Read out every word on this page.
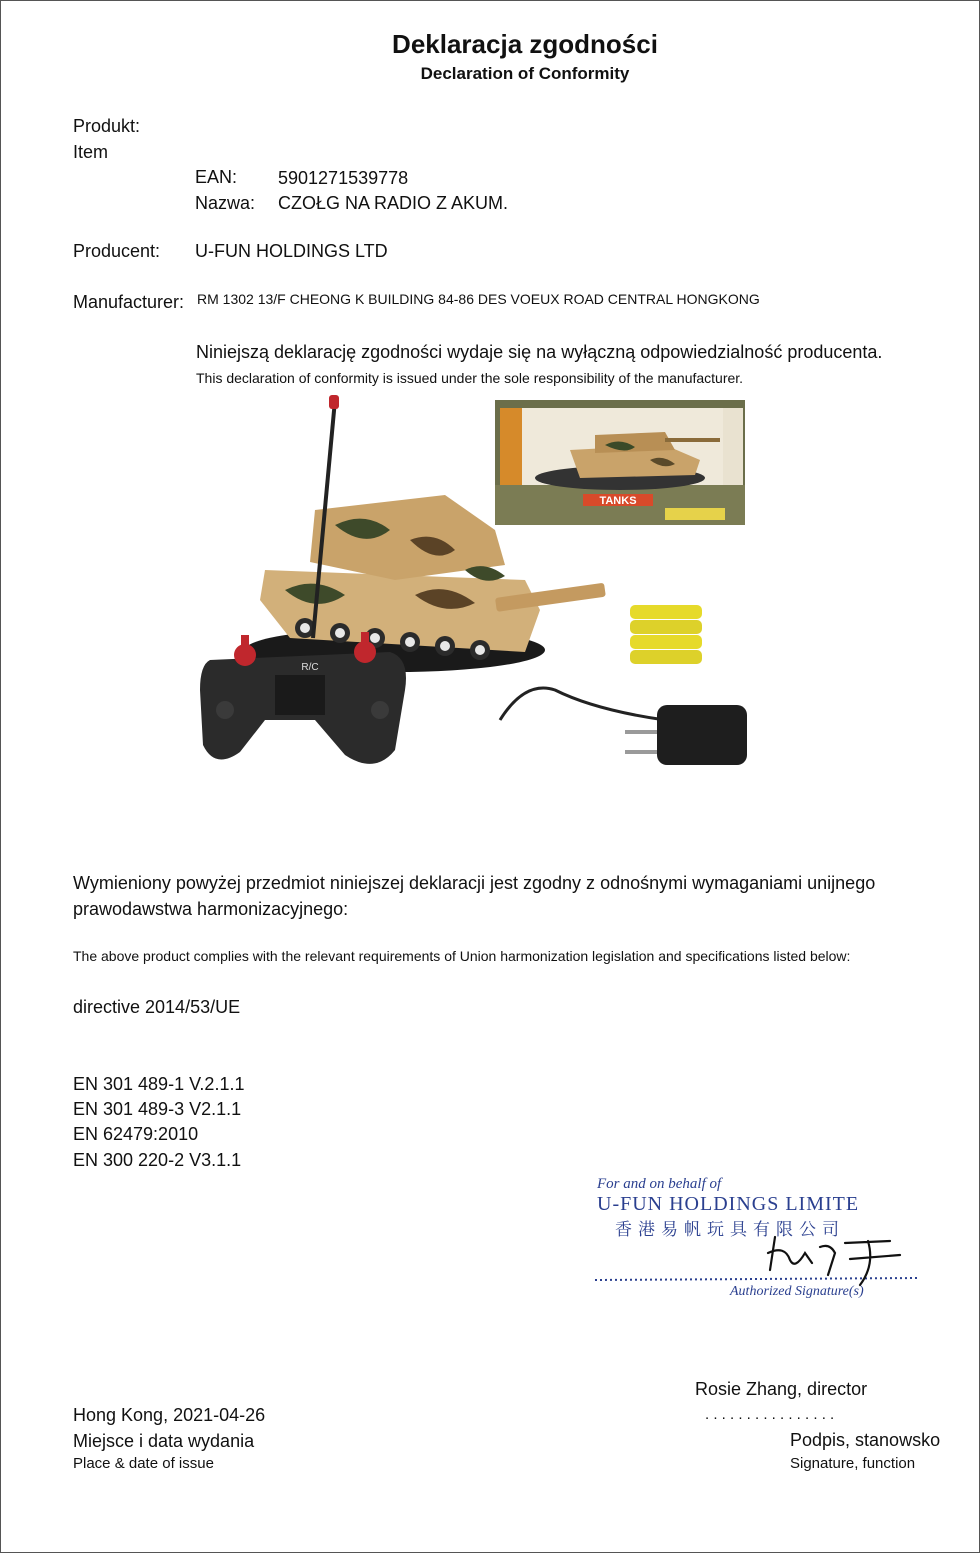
Deklaracja zgodności
Declaration of Conformity
Produkt:
Item
EAN: 5901271539778
Nazwa: CZOŁG NA RADIO Z AKUM.
Producent: U-FUN HOLDINGS LTD
Manufacturer: RM 1302 13/F CHEONG K BUILDING 84-86 DES VOEUX ROAD CENTRAL HONGKONG
Niniejszą deklarację zgodności wydaje się na wyłączną odpowiedzialność producenta.
This declaration of conformity is issued under the sole responsibility of the manufacturer.
TANKS
R/C
Wymieniony powyżej przedmiot niniejszej deklaracji jest zgodny z odnośnymi wymaganiami unijnego
prawodawstwa harmonizacyjnego:
The above product complies with the relevant requirements of Union harmonization legislation and specifications listed below:
directive 2014/53/UE
EN 301 489-1 V.2.1.1
EN 301 489-3 V2.1.1
EN 62479:2010
EN 300 220-2 V3.1.1
For and on behalf of
U-FUN HOLDINGS LIMITE
香港易帆玩具有限公司
Authorized Signature(s)
Rosie Zhang, director
. . . . . . . . . . . . . . . .
Hong Kong, 2021-04-26
Miejsce i data wydania
Place & date of issue
Podpis, stanowsko
Signature, function
